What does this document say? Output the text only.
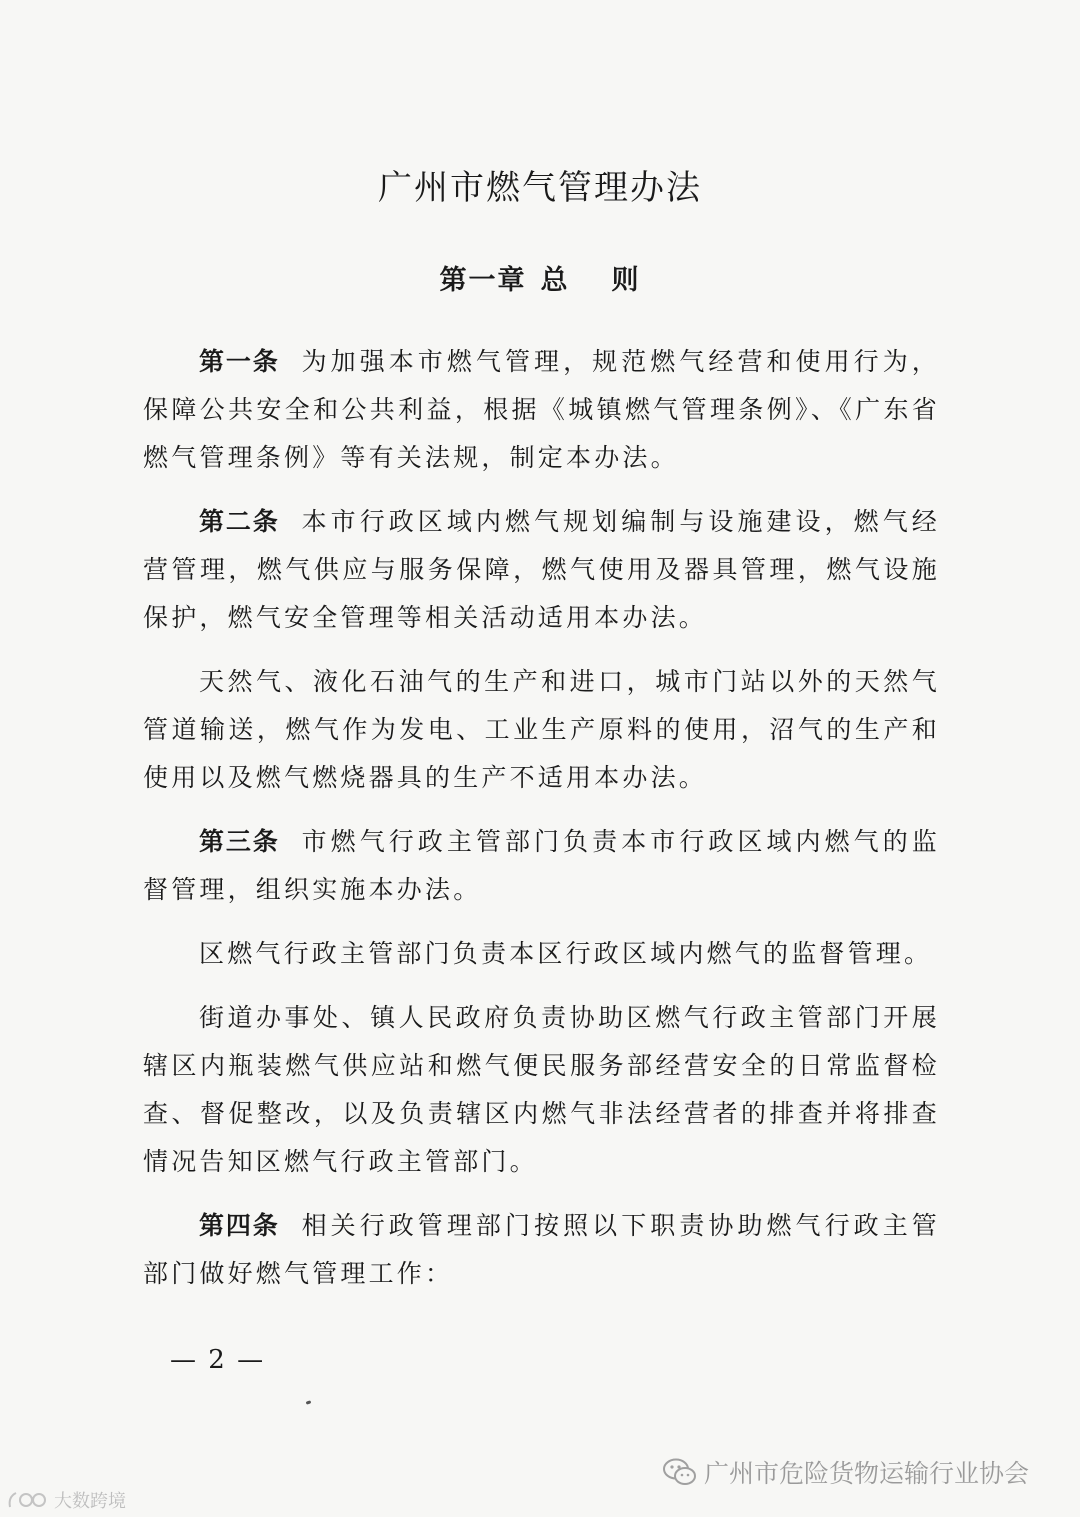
广州市燃气管理办法
第一章 总 则

第一条 为加强本市燃气管理，规范燃气经营和使用行为，保障公共安全和公共利益，根据《城镇燃气管理条例》、《广东省燃气管理条例》等有关法规，制定本办法。

第二条 本市行政区域内燃气规划编制与设施建设，燃气经营管理，燃气供应与服务保障，燃气使用及器具管理，燃气设施保护，燃气安全管理等相关活动适用本办法。

天然气、液化石油气的生产和进口，城市门站以外的天然气管道输送，燃气作为发电、工业生产原料的使用，沼气的生产和使用以及燃气燃烧器具的生产不适用本办法。

第三条 市燃气行政主管部门负责本市行政区域内燃气的监督管理，组织实施本办法。

区燃气行政主管部门负责本区行政区域内燃气的监督管理。

街道办事处、镇人民政府负责协助区燃气行政主管部门开展辖区内瓶装燃气供应站和燃气便民服务部经营安全的日常监督检查、督促整改，以及负责辖区内燃气非法经营者的排查并将排查情况告知区燃气行政主管部门。

第四条 相关行政管理部门按照以下职责协助燃气行政主管部门做好燃气管理工作：

— 2 —
广州市危险货物运输行业协会
大数跨境
